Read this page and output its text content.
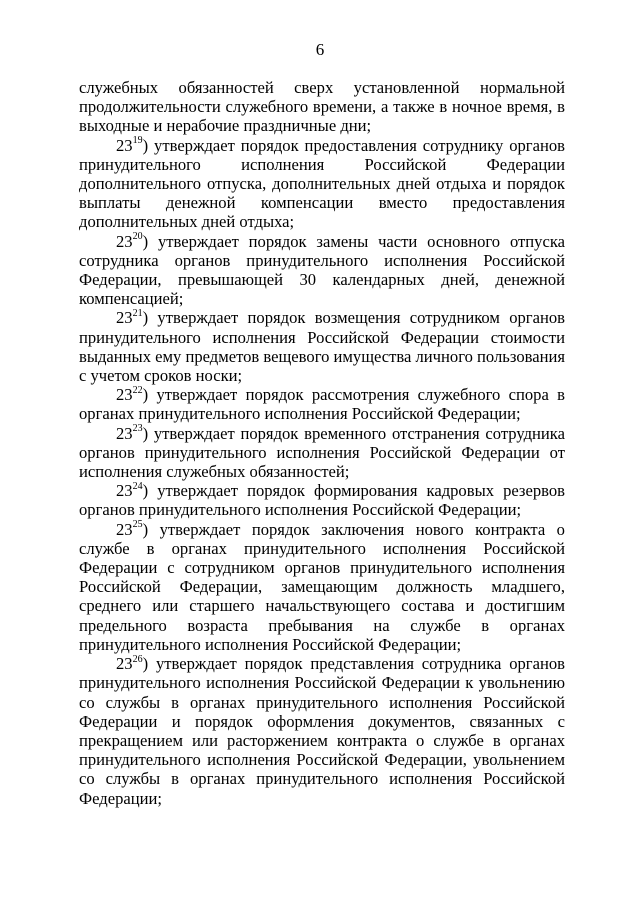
6

служебных обязанностей сверх установленной нормальной продолжительности служебного времени, а также в ночное время, в выходные и нерабочие праздничные дни;

$23^{19}$) утверждает порядок предоставления сотруднику органов принудительного исполнения Российской Федерации дополнительного отпуска, дополнительных дней отдыха и порядок выплаты денежной компенсации вместо предоставления дополнительных дней отдыха;

$23^{20}$) утверждает порядок замены части основного отпуска сотрудника органов принудительного исполнения Российской Федерации, превышающей 30 календарных дней, денежной компенсацией;

$23^{21}$) утверждает порядок возмещения сотрудником органов принудительного исполнения Российской Федерации стоимости выданных ему предметов вещевого имущества личного пользования с учетом сроков носки;

$23^{22}$) утверждает порядок рассмотрения служебного спора в органах принудительного исполнения Российской Федерации;

$23^{23}$) утверждает порядок временного отстранения сотрудника органов принудительного исполнения Российской Федерации от исполнения служебных обязанностей;

$23^{24}$) утверждает порядок формирования кадровых резервов органов принудительного исполнения Российской Федерации;

$23^{25}$) утверждает порядок заключения нового контракта о службе в органах принудительного исполнения Российской Федерации с сотрудником органов принудительного исполнения Российской Федерации, замещающим должность младшего, среднего или старшего начальствующего состава и достигшим предельного возраста пребывания на службе в органах принудительного исполнения Российской Федерации;

$23^{26}$) утверждает порядок представления сотрудника органов принудительного исполнения Российской Федерации к увольнению со службы в органах принудительного исполнения Российской Федерации и порядок оформления документов, связанных с прекращением или расторжением контракта о службе в органах принудительного исполнения Российской Федерации, увольнением со службы в органах принудительного исполнения Российской Федерации;
